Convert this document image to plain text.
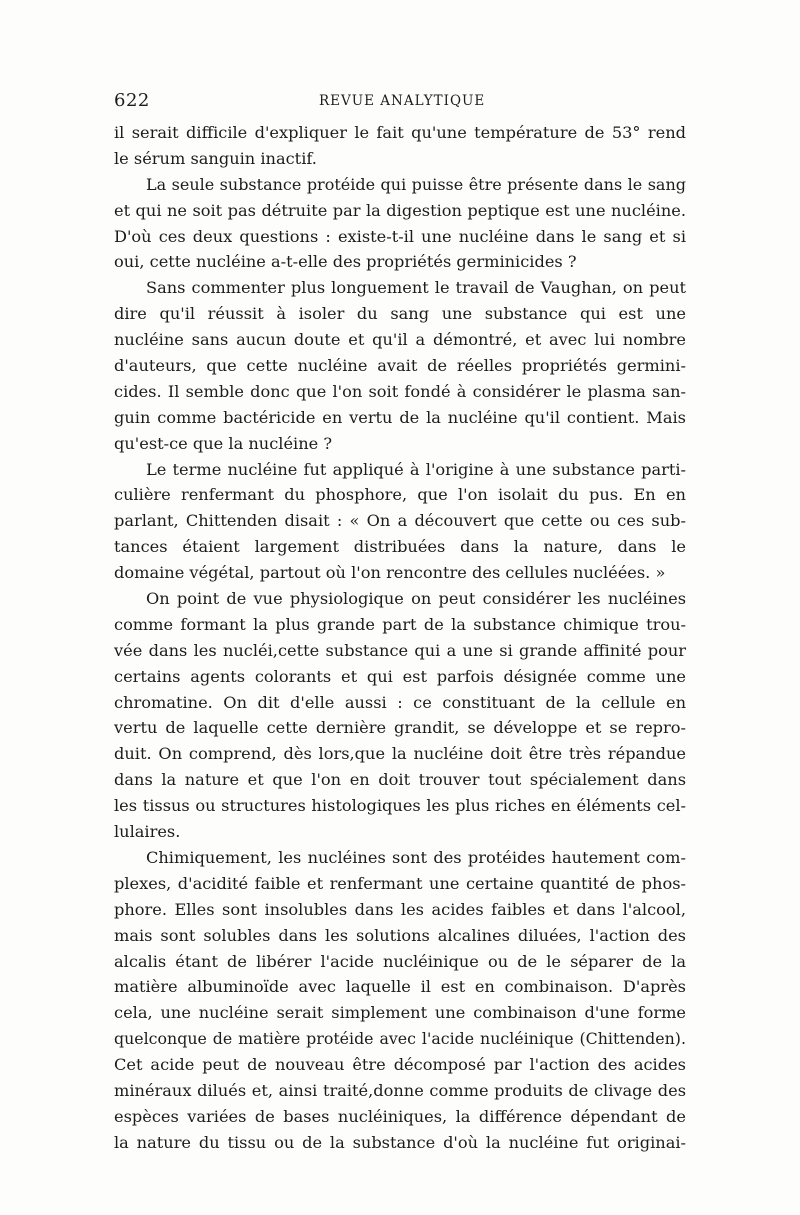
622	REVUE ANALYTIQUE
il serait difficile d'expliquer le fait qu'une température de 53° rend
le sérum sanguin inactif.
La seule substance protéide qui puisse être présente dans le sang
et qui ne soit pas détruite par la digestion peptique est une nucléine.
D'où ces deux questions : existe-t-il une nucléine dans le sang et si
oui, cette nucléine a-t-elle des propriétés germinicides ?
Sans commenter plus longuement le travail de Vaughan, on peut
dire qu'il réussit à isoler du sang une substance qui est une
nucléine sans aucun doute et qu'il a démontré, et avec lui nombre
d'auteurs, que cette nucléine avait de réelles propriétés germini-
cides. Il semble donc que l'on soit fondé à considérer le plasma san-
guin comme bactéricide en vertu de la nucléine qu'il contient. Mais
qu'est-ce que la nucléine ?
Le terme nucléine fut appliqué à l'origine à une substance parti-
culière renfermant du phosphore, que l'on isolait du pus. En en
parlant, Chittenden disait : « On a découvert que cette ou ces sub-
tances étaient largement distribuées dans la nature, dans le
domaine végétal, partout où l'on rencontre des cellules nucléées. »
On point de vue physiologique on peut considérer les nucléines
comme formant la plus grande part de la substance chimique trou-
vée dans les nucléi,cette substance qui a une si grande affinité pour
certains agents colorants et qui est parfois désignée comme une
chromatine. On dit d'elle aussi : ce constituant de la cellule en
vertu de laquelle cette dernière grandit, se développe et se repro-
duit. On comprend, dès lors,que la nucléine doit être très répandue
dans la nature et que l'on en doit trouver tout spécialement dans
les tissus ou structures histologiques les plus riches en éléments cel-
lulaires.
Chimiquement, les nucléines sont des protéides hautement com-
plexes, d'acidité faible et renfermant une certaine quantité de phos-
phore. Elles sont insolubles dans les acides faibles et dans l'alcool,
mais sont solubles dans les solutions alcalines diluées, l'action des
alcalis étant de libérer l'acide nucléinique ou de le séparer de la
matière albuminoïde avec laquelle il est en combinaison. D'après
cela, une nucléine serait simplement une combinaison d'une forme
quelconque de matière protéide avec l'acide nucléinique (Chittenden).
Cet acide peut de nouveau être décomposé par l'action des acides
minéraux dilués et, ainsi traité,donne comme produits de clivage des
espèces variées de bases nucléiniques, la différence dépendant de
la nature du tissu ou de la substance d'où la nucléine fut originai-
